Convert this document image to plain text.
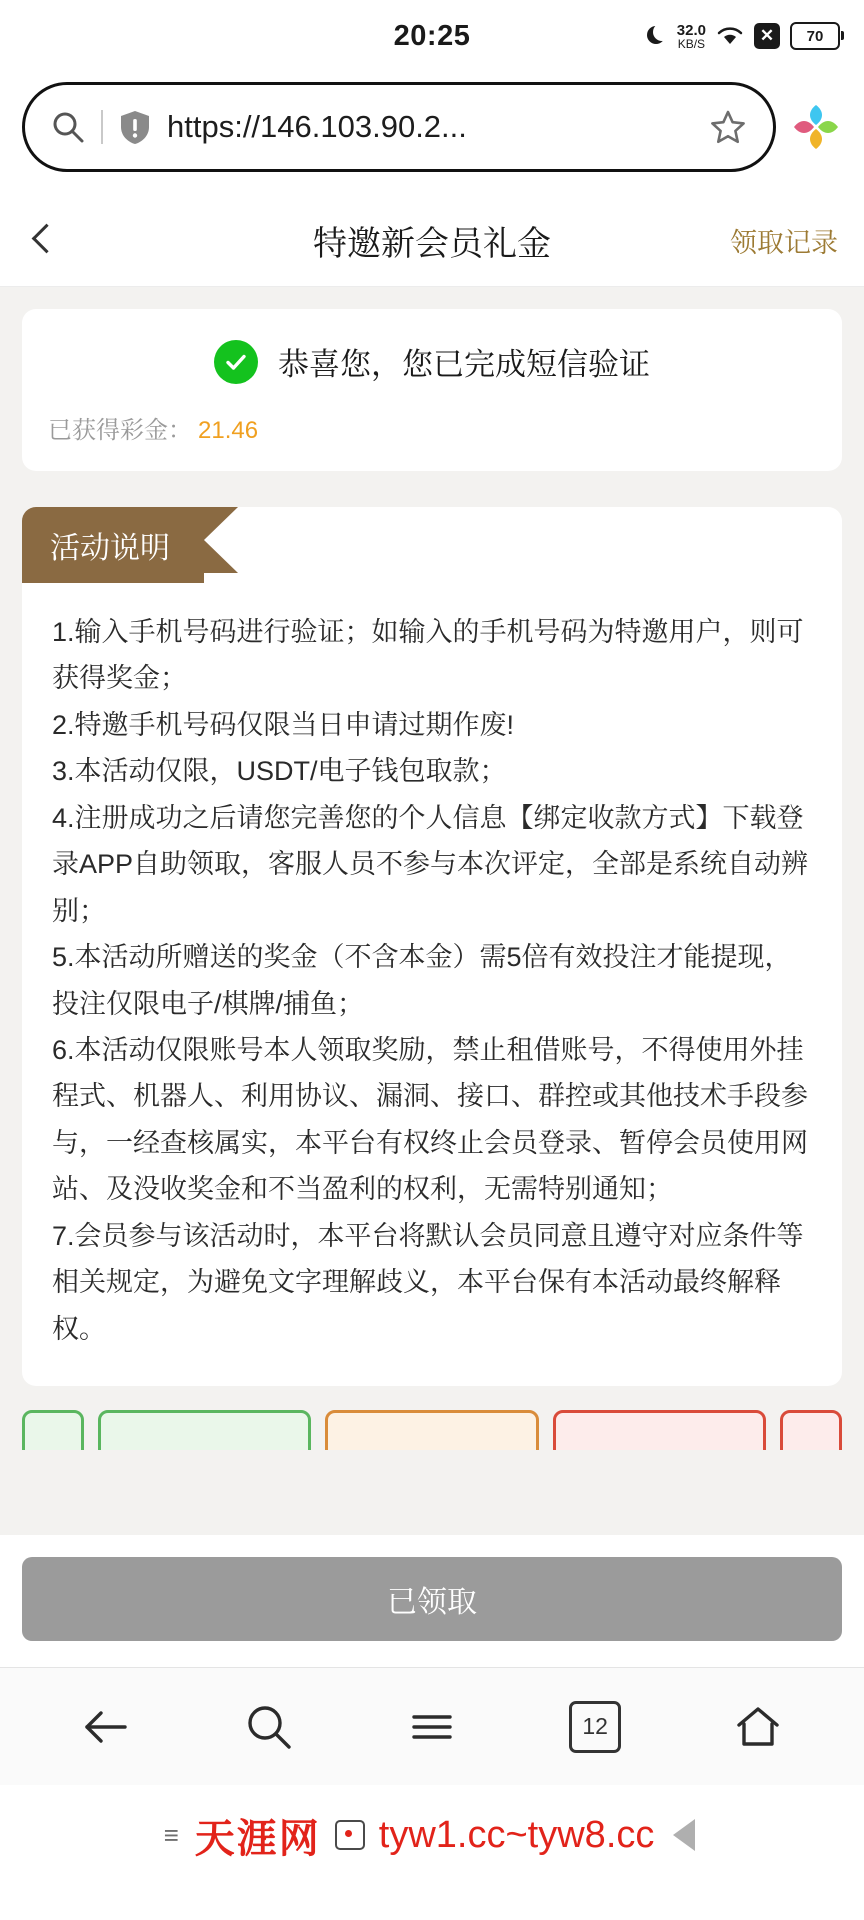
20:25	32.0
KB/S	✕	70
https://146.103.90.2...
特邀新会员礼金	领取记录
恭喜您，您已完成短信验证
已获得彩金： 21.46
活动说明

1.输入手机号码进行验证；如输入的手机号码为特邀用户，则可获得奖金；

2.特邀手机号码仅限当日申请过期作废!

3.本活动仅限，USDT/电子钱包取款；

4.注册成功之后请您完善您的个人信息【绑定收款方式】下载登录APP自助领取，客服人员不参与本次评定，全部是系统自动辨别；

5.本活动所赠送的奖金（不含本金）需5倍有效投注才能提现，投注仅限电子/棋牌/捕鱼；

6.本活动仅限账号本人领取奖励，禁止租借账号，不得使用外挂程式、机器人、利用协议、漏洞、接口、群控或其他技术手段参与，一经查核属实，本平台有权终止会员登录、暂停会员使用网站、及没收奖金和不当盈利的权利，无需特别通知；

7.会员参与该活动时，本平台将默认会员同意且遵守对应条件等相关规定，为避免文字理解歧义，本平台保有本活动最终解释权。

已领取
12
≡ 天涯网 tyw1.cc~tyw8.cc
